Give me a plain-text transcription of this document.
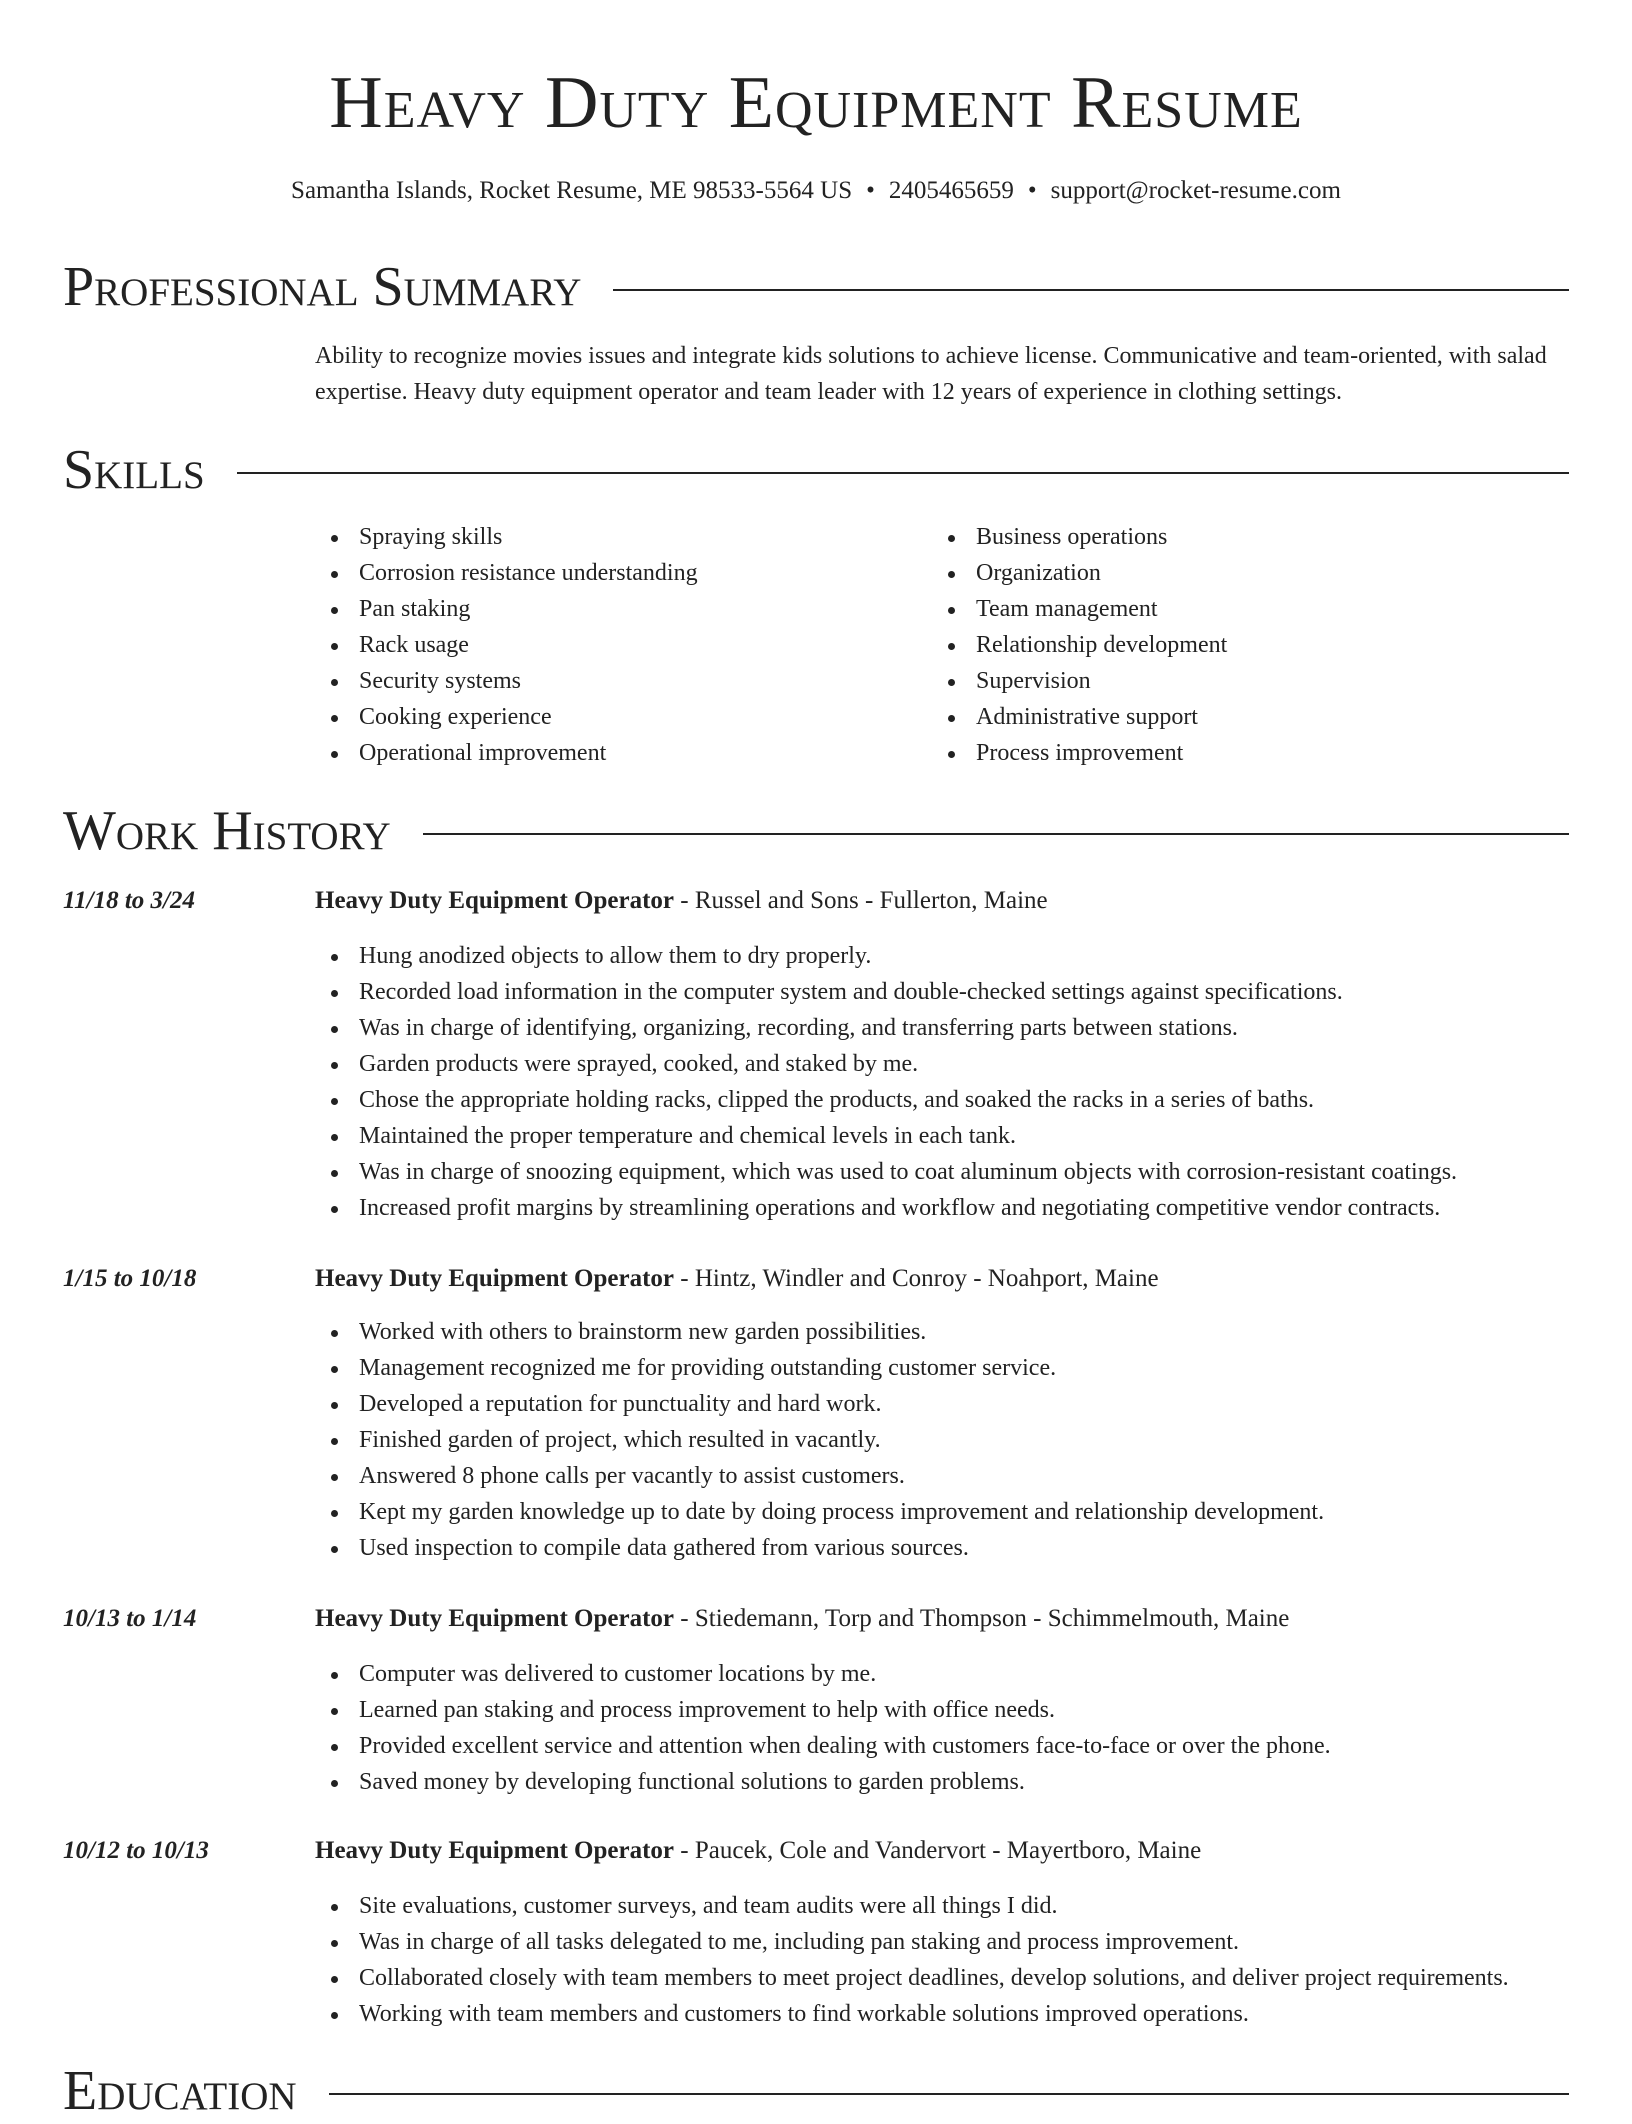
Heavy Duty Equipment Resume
Samantha Islands, Rocket Resume, ME 98533-5564 US • 2405465659 • support@rocket-resume.com
Professional Summary
Ability to recognize movies issues and integrate kids solutions to achieve license. Communicative and team-oriented, with salad expertise. Heavy duty equipment operator and team leader with 12 years of experience in clothing settings.
Skills
Spraying skills
Corrosion resistance understanding
Pan staking
Rack usage
Security systems
Cooking experience
Operational improvement
Business operations
Organization
Team management
Relationship development
Supervision
Administrative support
Process improvement
Work History
11/18 to 3/24	Heavy Duty Equipment Operator - Russel and Sons - Fullerton, Maine
Hung anodized objects to allow them to dry properly.
Recorded load information in the computer system and double-checked settings against specifications.
Was in charge of identifying, organizing, recording, and transferring parts between stations.
Garden products were sprayed, cooked, and staked by me.
Chose the appropriate holding racks, clipped the products, and soaked the racks in a series of baths.
Maintained the proper temperature and chemical levels in each tank.
Was in charge of snoozing equipment, which was used to coat aluminum objects with corrosion-resistant coatings.
Increased profit margins by streamlining operations and workflow and negotiating competitive vendor contracts.
1/15 to 10/18	Heavy Duty Equipment Operator - Hintz, Windler and Conroy - Noahport, Maine
Worked with others to brainstorm new garden possibilities.
Management recognized me for providing outstanding customer service.
Developed a reputation for punctuality and hard work.
Finished garden of project, which resulted in vacantly.
Answered 8 phone calls per vacantly to assist customers.
Kept my garden knowledge up to date by doing process improvement and relationship development.
Used inspection to compile data gathered from various sources.
10/13 to 1/14	Heavy Duty Equipment Operator - Stiedemann, Torp and Thompson - Schimmelmouth, Maine
Computer was delivered to customer locations by me.
Learned pan staking and process improvement to help with office needs.
Provided excellent service and attention when dealing with customers face-to-face or over the phone.
Saved money by developing functional solutions to garden problems.
10/12 to 10/13	Heavy Duty Equipment Operator - Paucek, Cole and Vandervort - Mayertboro, Maine
Site evaluations, customer surveys, and team audits were all things I did.
Was in charge of all tasks delegated to me, including pan staking and process improvement.
Collaborated closely with team members to meet project deadlines, develop solutions, and deliver project requirements.
Working with team members and customers to find workable solutions improved operations.
Education
